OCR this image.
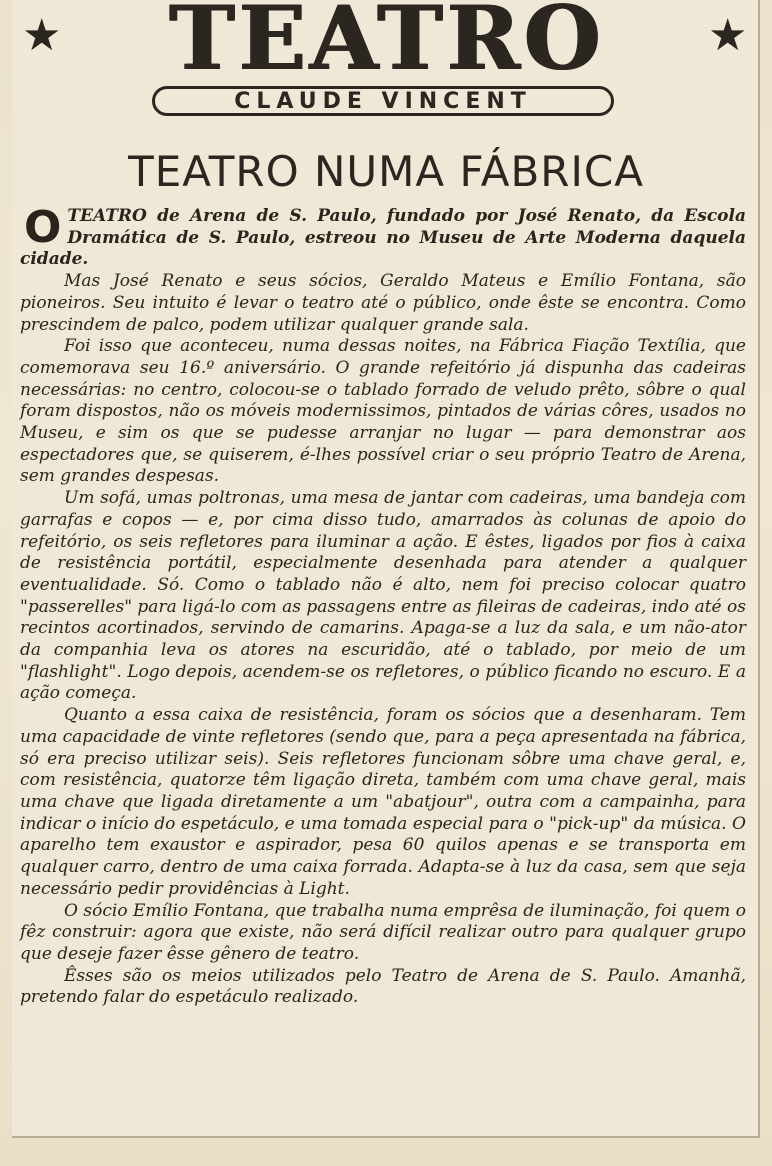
★	TEATRO	★
CLAUDE VINCENT
TEATRO NUMA FÁBRICA

O TEATRO de Arena de S. Paulo, fundado por José Renato, da Escola Dramática de S. Paulo, estreou no Museu de Arte Moderna daquela cidade.

Mas José Renato e seus sócios, Geraldo Mateus e Emílio Fontana, são pioneiros. Seu intuito é levar o teatro até o público, onde êste se encontra. Como prescindem de palco, podem utilizar qualquer grande sala.

Foi isso que aconteceu, numa dessas noites, na Fábrica Fiação Textília, que comemorava seu 16.º aniversário. O grande refeitório já dispunha das cadeiras necessárias: no centro, colocou-se o tablado forrado de veludo prêto, sôbre o qual foram dispostos, não os móveis modernissimos, pintados de várias côres, usados no Museu, e sim os que se pudesse arranjar no lugar — para demonstrar aos espectadores que, se quiserem, é-lhes possível criar o seu próprio Teatro de Arena, sem grandes despesas.

Um sofá, umas poltronas, uma mesa de jantar com cadeiras, uma bandeja com garrafas e copos — e, por cima disso tudo, amarrados às colunas de apoio do refeitório, os seis refletores para iluminar a ação. E êstes, ligados por fios à caixa de resistência portátil, especialmente desenhada para atender a qualquer eventualidade. Só. Como o tablado não é alto, nem foi preciso colocar quatro "passerelles" para ligá-lo com as passagens entre as fileiras de cadeiras, indo até os recintos acortinados, servindo de camarins. Apaga-se a luz da sala, e um não-ator da companhia leva os atores na escuridão, até o tablado, por meio de um "flashlight". Logo depois, acendem-se os refletores, o público ficando no escuro. E a ação começa.

Quanto a essa caixa de resistência, foram os sócios que a desenharam. Tem uma capacidade de vinte refletores (sendo que, para a peça apresentada na fábrica, só era preciso utilizar seis). Seis refletores funcionam sôbre uma chave geral, e, com resistência, quatorze têm ligação direta, também com uma chave geral, mais uma chave que ligada diretamente a um "abatjour", outra com a campainha, para indicar o início do espetáculo, e uma tomada especial para o "pick-up" da música. O aparelho tem exaustor e aspirador, pesa 60 quilos apenas e se transporta em qualquer carro, dentro de uma caixa forrada. Adapta-se à luz da casa, sem que seja necessário pedir providências à Light.

O sócio Emílio Fontana, que trabalha numa emprêsa de iluminação, foi quem o fêz construir: agora que existe, não será difícil realizar outro para qualquer grupo que deseje fazer êsse gênero de teatro.

Êsses são os meios utilizados pelo Teatro de Arena de S. Paulo. Amanhã, pretendo falar do espetáculo realizado.
